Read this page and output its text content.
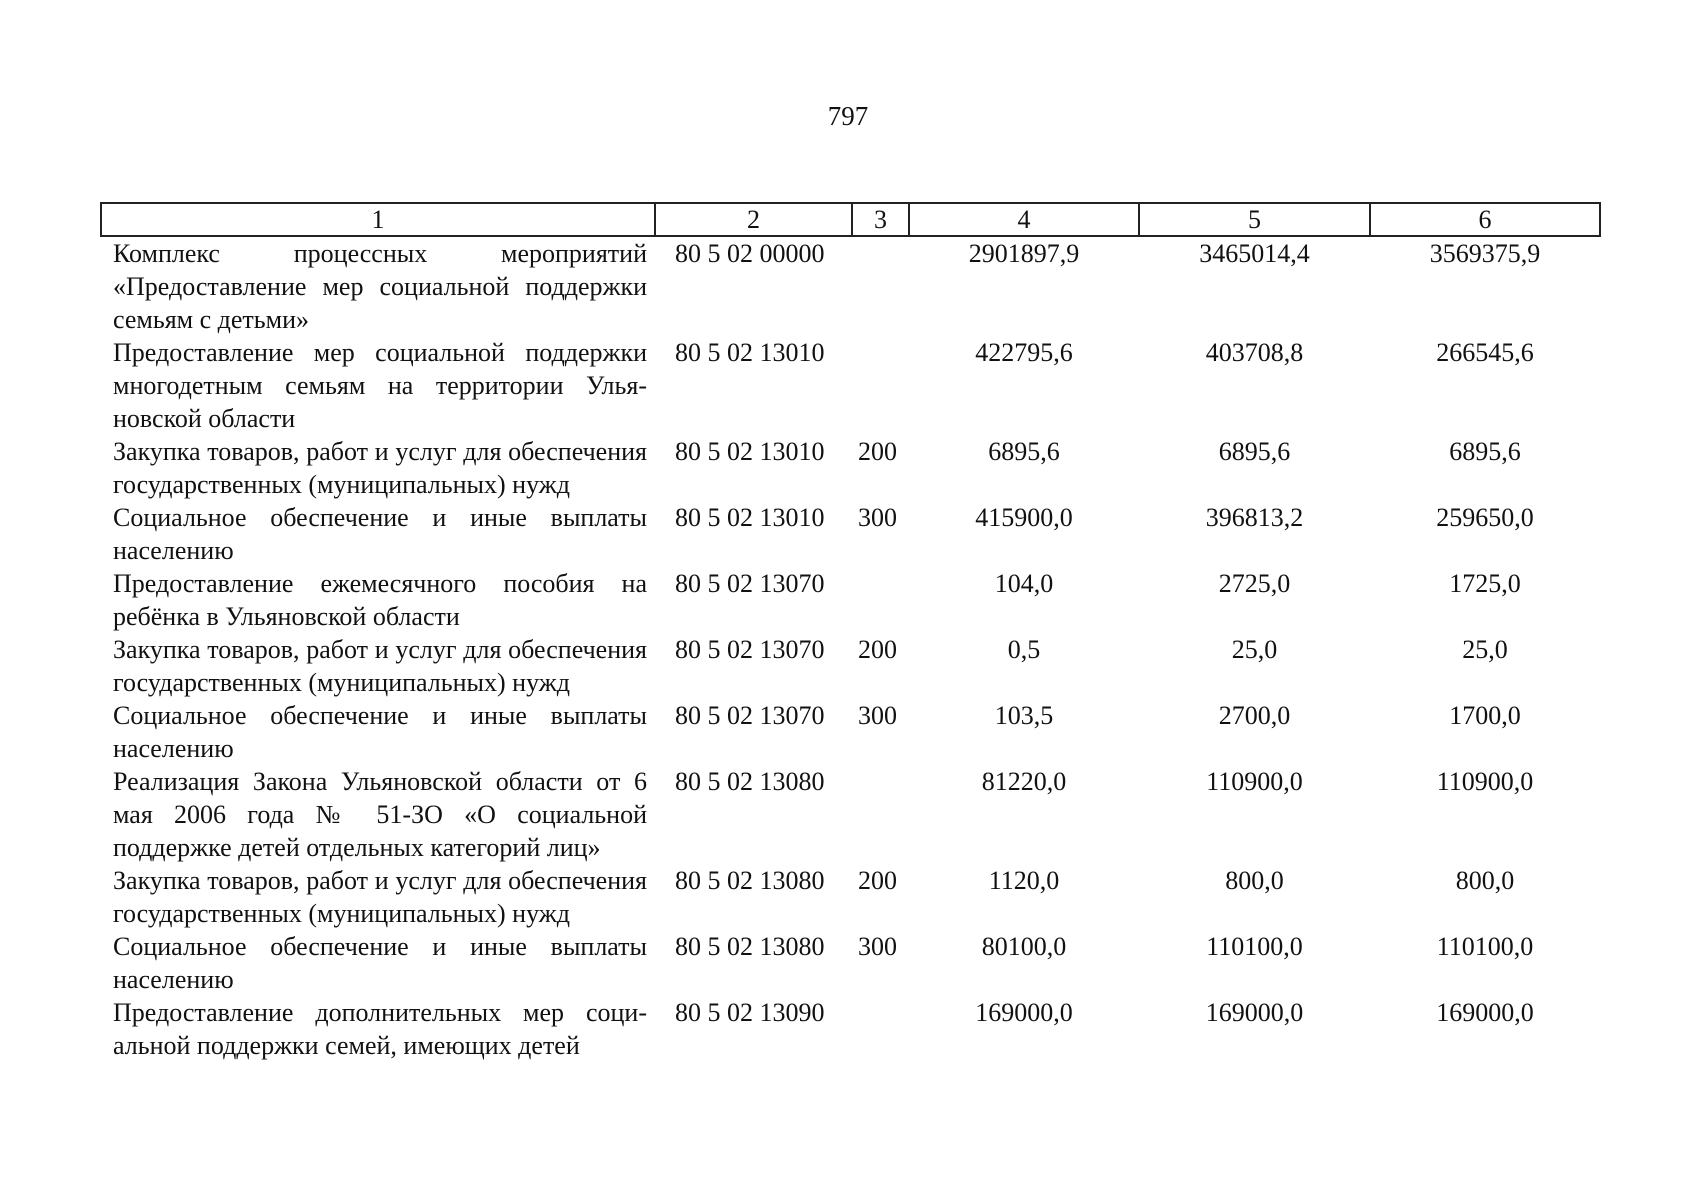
797
1	2	3	4	5	6
Комплекс процессных мероприятий «Предоставление мер социальной поддержки семьям с детьми»	80 5 02 00000		2901897,9	3465014,4	3569375,9
Предоставление мер социальной поддержки многодетным семьям на территории Ульяновской области	80 5 02 13010		422795,6	403708,8	266545,6
Закупка товаров, работ и услуг для обеспечения государственных (муниципальных) нужд	80 5 02 13010	200	6895,6	6895,6	6895,6
Социальное обеспечение и иные выплаты населению	80 5 02 13010	300	415900,0	396813,2	259650,0
Предоставление ежемесячного пособия на ребёнка в Ульяновской области	80 5 02 13070		104,0	2725,0	1725,0
Закупка товаров, работ и услуг для обеспечения государственных (муниципальных) нужд	80 5 02 13070	200	0,5	25,0	25,0
Социальное обеспечение и иные выплаты населению	80 5 02 13070	300	103,5	2700,0	1700,0
Реализация Закона Ульяновской области от 6 мая 2006 года № 51-ЗО «О социальной поддержке детей отдельных категорий лиц»	80 5 02 13080		81220,0	110900,0	110900,0
Закупка товаров, работ и услуг для обеспечения государственных (муниципальных) нужд	80 5 02 13080	200	1120,0	800,0	800,0
Социальное обеспечение и иные выплаты населению	80 5 02 13080	300	80100,0	110100,0	110100,0
Предоставление дополнительных мер социальной поддержки семей, имеющих детей	80 5 02 13090		169000,0	169000,0	169000,0
